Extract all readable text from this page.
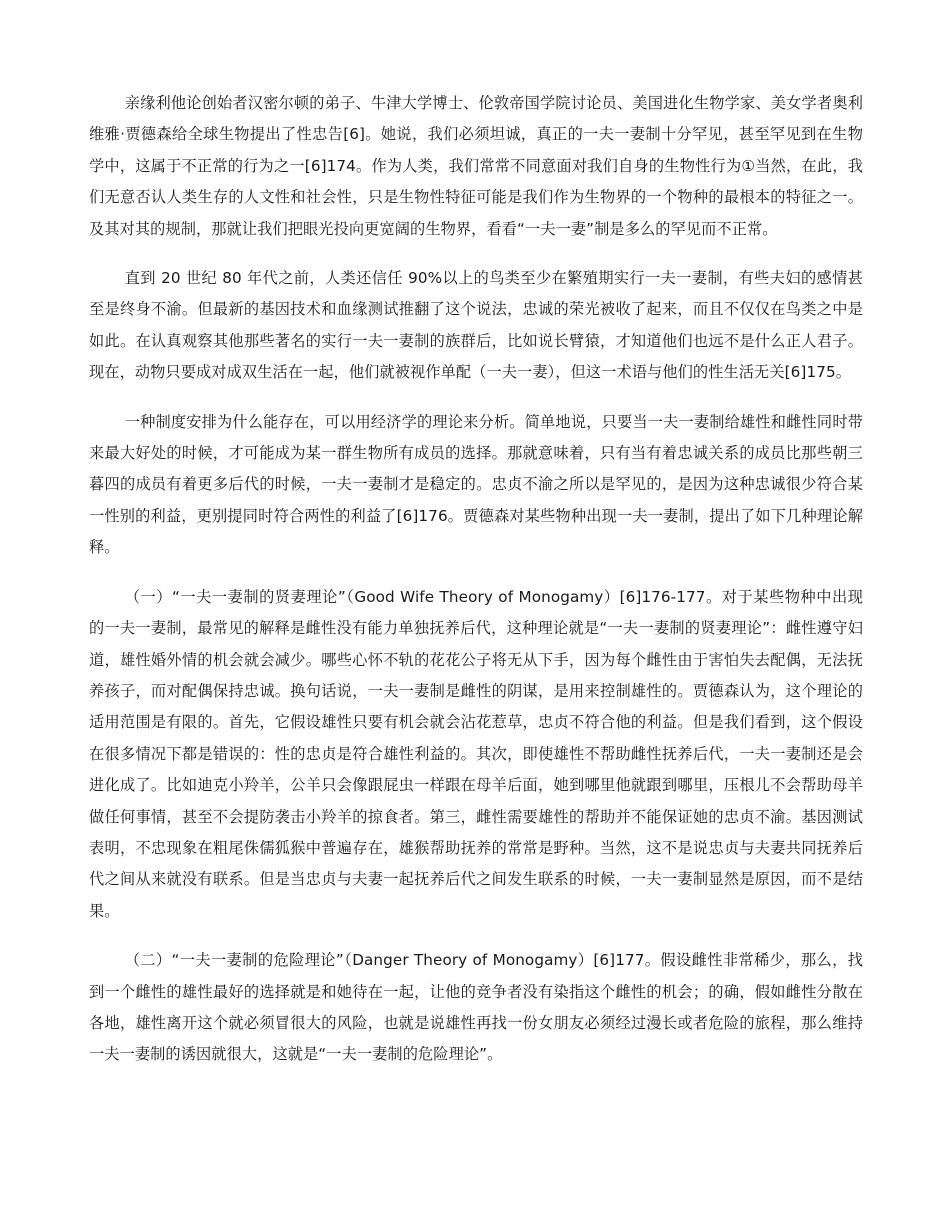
亲缘利他论创始者汉密尔顿的弟子、牛津大学博士、伦敦帝国学院讨论员、美国进化生物学家、美女学者奥利维雅·贾德森给全球生物提出了性忠告[6]。她说，我们必须坦诚，真正的一夫一妻制十分罕见，甚至罕见到在生物学中，这属于不正常的行为之一[6]174。作为人类，我们常常不同意面对我们自身的生物性行为①当然，在此，我们无意否认人类生存的人文性和社会性，只是生物性特征可能是我们作为生物界的一个物种的最根本的特征之一。及其对其的规制，那就让我们把眼光投向更宽阔的生物界，看看“一夫一妻”制是多么的罕见而不正常。

直到 20 世纪 80 年代之前，人类还信任 90%以上的鸟类至少在繁殖期实行一夫一妻制，有些夫妇的感情甚至是终身不渝。但最新的基因技术和血缘测试推翻了这个说法，忠诚的荣光被收了起来，而且不仅仅在鸟类之中是如此。在认真观察其他那些著名的实行一夫一妻制的族群后，比如说长臂猿，才知道他们也远不是什么正人君子。现在，动物只要成对成双生活在一起，他们就被视作单配（一夫一妻），但这一术语与他们的性生活无关[6]175。

一种制度安排为什么能存在，可以用经济学的理论来分析。简单地说，只要当一夫一妻制给雄性和雌性同时带来最大好处的时候，才可能成为某一群生物所有成员的选择。那就意味着，只有当有着忠诚关系的成员比那些朝三暮四的成员有着更多后代的时候，一夫一妻制才是稳定的。忠贞不渝之所以是罕见的，是因为这种忠诚很少符合某一性别的利益，更别提同时符合两性的利益了[6]176。贾德森对某些物种出现一夫一妻制，提出了如下几种理论解释。

（一）“一夫一妻制的贤妻理论”（Good Wife Theory of Monogamy）[6]176-177。对于某些物种中出现的一夫一妻制，最常见的解释是雌性没有能力单独抚养后代，这种理论就是“一夫一妻制的贤妻理论”：雌性遵守妇道，雄性婚外情的机会就会减少。哪些心怀不轨的花花公子将无从下手，因为每个雌性由于害怕失去配偶，无法抚养孩子，而对配偶保持忠诚。换句话说，一夫一妻制是雌性的阴谋，是用来控制雄性的。贾德森认为，这个理论的适用范围是有限的。首先，它假设雄性只要有机会就会沾花惹草，忠贞不符合他的利益。但是我们看到，这个假设在很多情况下都是错误的：性的忠贞是符合雄性利益的。其次，即使雄性不帮助雌性抚养后代，一夫一妻制还是会进化成了。比如迪克小羚羊，公羊只会像跟屁虫一样跟在母羊后面，她到哪里他就跟到哪里，压根儿不会帮助母羊做任何事情，甚至不会提防袭击小羚羊的掠食者。第三，雌性需要雄性的帮助并不能保证她的忠贞不渝。基因测试表明，不忠现象在粗尾侏儒狐猴中普遍存在，雄猴帮助抚养的常常是野种。当然，这不是说忠贞与夫妻共同抚养后代之间从来就没有联系。但是当忠贞与夫妻一起抚养后代之间发生联系的时候，一夫一妻制显然是原因，而不是结果。

（二）“一夫一妻制的危险理论”（Danger Theory of Monogamy）[6]177。假设雌性非常稀少，那么，找到一个雌性的雄性最好的选择就是和她待在一起，让他的竞争者没有染指这个雌性的机会；的确，假如雌性分散在各地，雄性离开这个就必须冒很大的风险，也就是说雄性再找一份女朋友必须经过漫长或者危险的旅程，那么维持一夫一妻制的诱因就很大，这就是“一夫一妻制的危险理论”。
